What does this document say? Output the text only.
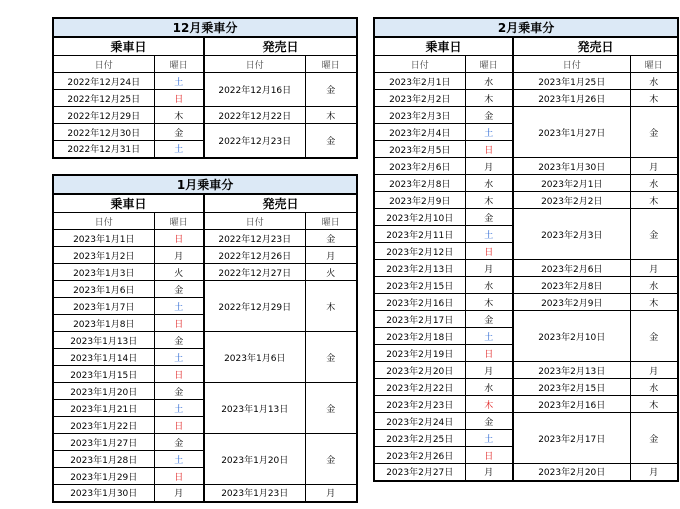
12月乗車分			
乗車日		発売日	
日付	曜日	日付	曜日
2022年12月24日	土	2022年12月16日	金
2022年12月25日	日		
2022年12月29日	木	2022年12月22日	木
2022年12月30日	金	2022年12月23日	金
2022年12月31日	土		
1月乗車分			
乗車日		発売日	
日付	曜日	日付	曜日
2023年1月1日	日	2022年12月23日	金
2023年1月2日	月	2022年12月26日	月
2023年1月3日	火	2022年12月27日	火
2023年1月6日	金	2022年12月29日	木
2023年1月7日	土		
2023年1月8日	日		
2023年1月13日	金	2023年1月6日	金
2023年1月14日	土		
2023年1月15日	日		
2023年1月20日	金	2023年1月13日	金
2023年1月21日	土		
2023年1月22日	日		
2023年1月27日	金	2023年1月20日	金
2023年1月28日	土		
2023年1月29日	日		
2023年1月30日	月	2023年1月23日	月
2月乗車分			
乗車日		発売日	
日付	曜日	日付	曜日
2023年2月1日	水	2023年1月25日	水
2023年2月2日	木	2023年1月26日	木
2023年2月3日	金	2023年1月27日	金
2023年2月4日	土		
2023年2月5日	日		
2023年2月6日	月	2023年1月30日	月
2023年2月8日	水	2023年2月1日	水
2023年2月9日	木	2023年2月2日	木
2023年2月10日	金	2023年2月3日	金
2023年2月11日	土		
2023年2月12日	日		
2023年2月13日	月	2023年2月6日	月
2023年2月15日	水	2023年2月8日	水
2023年2月16日	木	2023年2月9日	木
2023年2月17日	金	2023年2月10日	金
2023年2月18日	土		
2023年2月19日	日		
2023年2月20日	月	2023年2月13日	月
2023年2月22日	水	2023年2月15日	水
2023年2月23日	木	2023年2月16日	木
2023年2月24日	金	2023年2月17日	金
2023年2月25日	土		
2023年2月26日	日		
2023年2月27日	月	2023年2月20日	月
